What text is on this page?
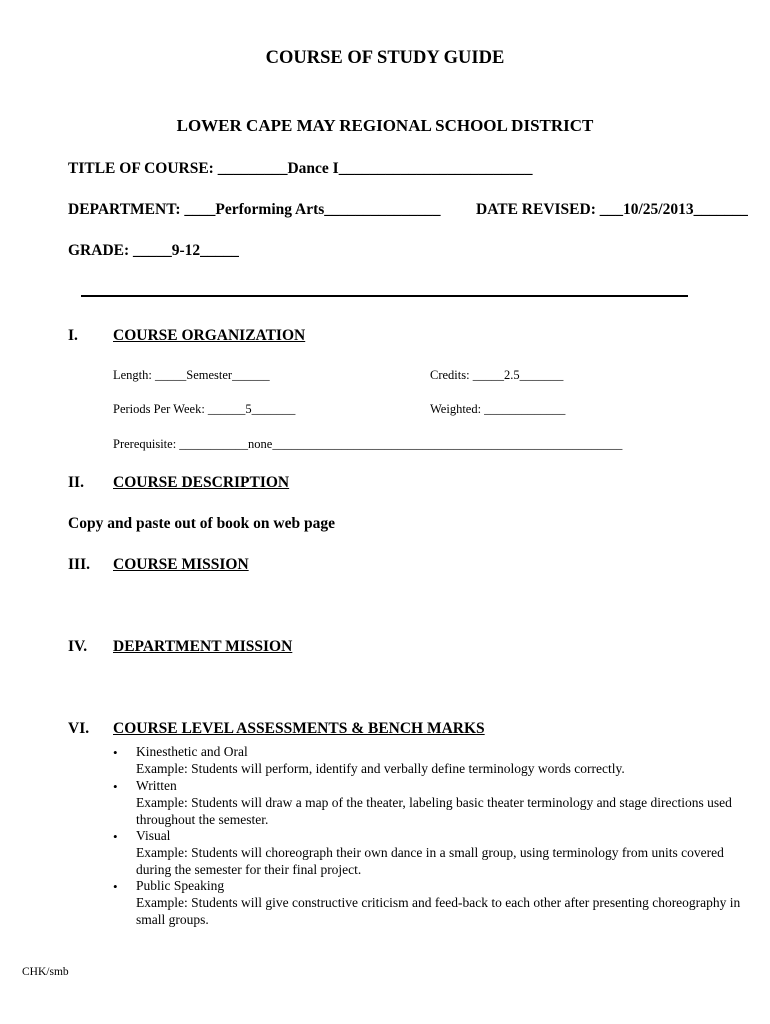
COURSE OF STUDY GUIDE
LOWER CAPE MAY REGIONAL SCHOOL DISTRICT
TITLE OF COURSE: _________Dance I_________________________
DEPARTMENT: ____Performing Arts_______________ DATE REVISED: ___10/25/2013_______
GRADE: _____9-12_____
I. COURSE ORGANIZATION
Length: _____Semester______	Credits: _____2.5_______
Periods Per Week: ______5_______	Weighted: _____________
Prerequisite: ___________none________________________________________________________
II. COURSE DESCRIPTION
Copy and paste out of book on web page
III. COURSE MISSION
IV. DEPARTMENT MISSION
VI. COURSE LEVEL ASSESSMENTS & BENCH MARKS
• Kinesthetic and Oral
Example: Students will perform, identify and verbally define terminology words correctly.
• Written
Example: Students will draw a map of the theater, labeling basic theater terminology and stage directions used throughout the semester.
• Visual
Example: Students will choreograph their own dance in a small group, using terminology from units covered during the semester for their final project.
• Public Speaking
Example: Students will give constructive criticism and feed-back to each other after presenting choreography in small groups.
CHK/smb
